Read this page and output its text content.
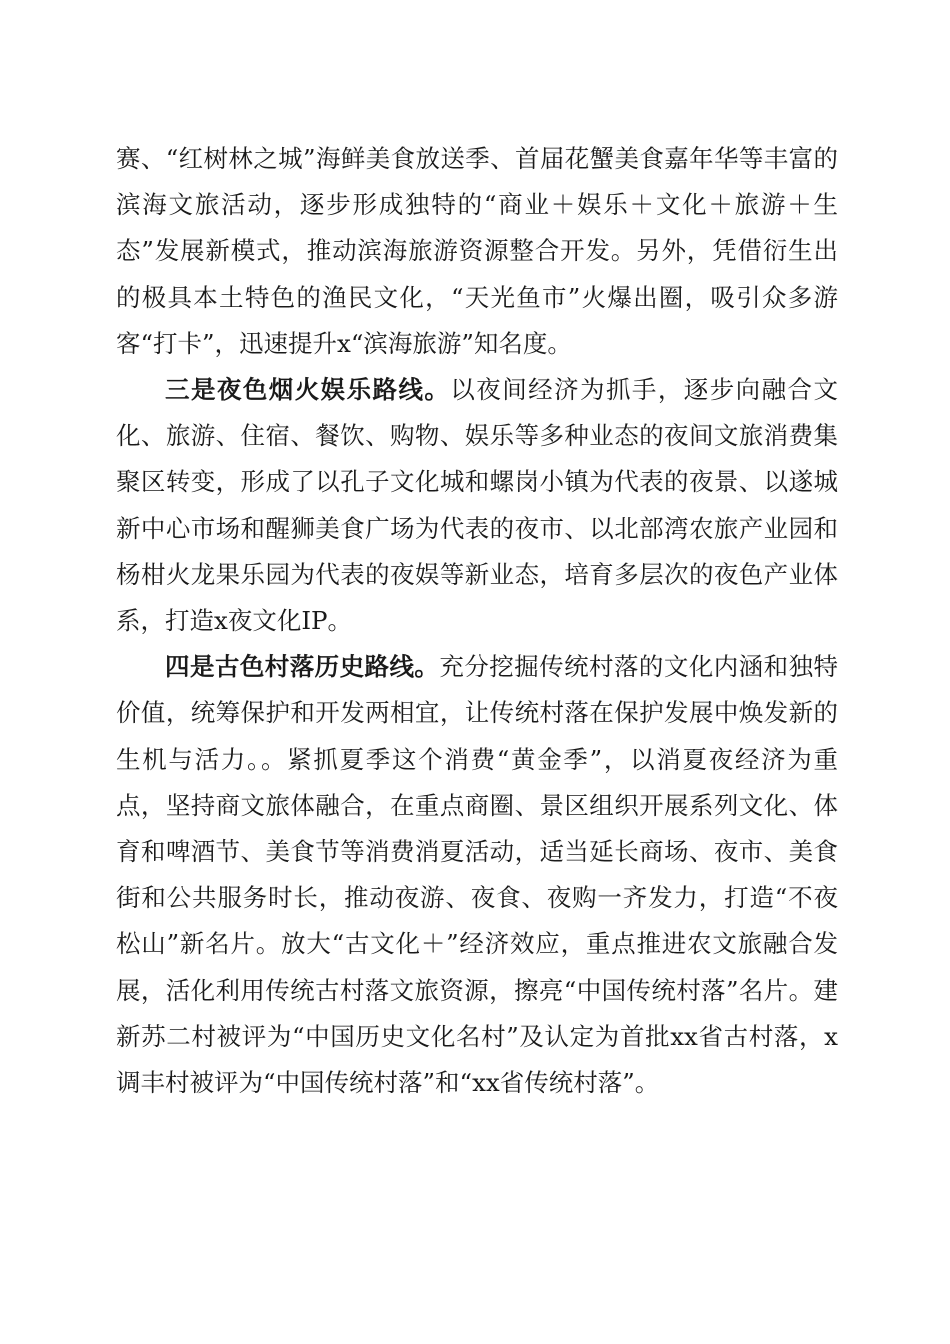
赛、“红树林之城”海鲜美食放送季、首届花蟹美食嘉年华等丰富的滨海文旅活动，逐步形成独特的“商业＋娱乐＋文化＋旅游＋生态”发展新模式，推动滨海旅游资源整合开发。另外，凭借衍生出的极具本土特色的渔民文化，“天光鱼市”火爆出圈，吸引众多游客“打卡”，迅速提升x“滨海旅游”知名度。

三是夜色烟火娱乐路线。以夜间经济为抓手，逐步向融合文化、旅游、住宿、餐饮、购物、娱乐等多种业态的夜间文旅消费集聚区转变，形成了以孔子文化城和螺岗小镇为代表的夜景、以遂城新中心市场和醒狮美食广场为代表的夜市、以北部湾农旅产业园和杨柑火龙果乐园为代表的夜娱等新业态，培育多层次的夜色产业体系，打造x夜文化IP。

四是古色村落历史路线。充分挖掘传统村落的文化内涵和独特价值，统筹保护和开发两相宜，让传统村落在保护发展中焕发新的生机与活力。。紧抓夏季这个消费“黄金季”，以消夏夜经济为重点，坚持商文旅体融合，在重点商圈、景区组织开展系列文化、体育和啤酒节、美食节等消费消夏活动，适当延长商场、夜市、美食街和公共服务时长，推动夜游、夜食、夜购一齐发力，打造“不夜松山”新名片。放大“古文化＋”经济效应，重点推进农文旅融合发展，活化利用传统古村落文旅资源，擦亮“中国传统村落”名片。建新苏二村被评为“中国历史文化名村”及认定为首批xx省古村落，x调丰村被评为“中国传统村落”和“xx省传统村落”。
